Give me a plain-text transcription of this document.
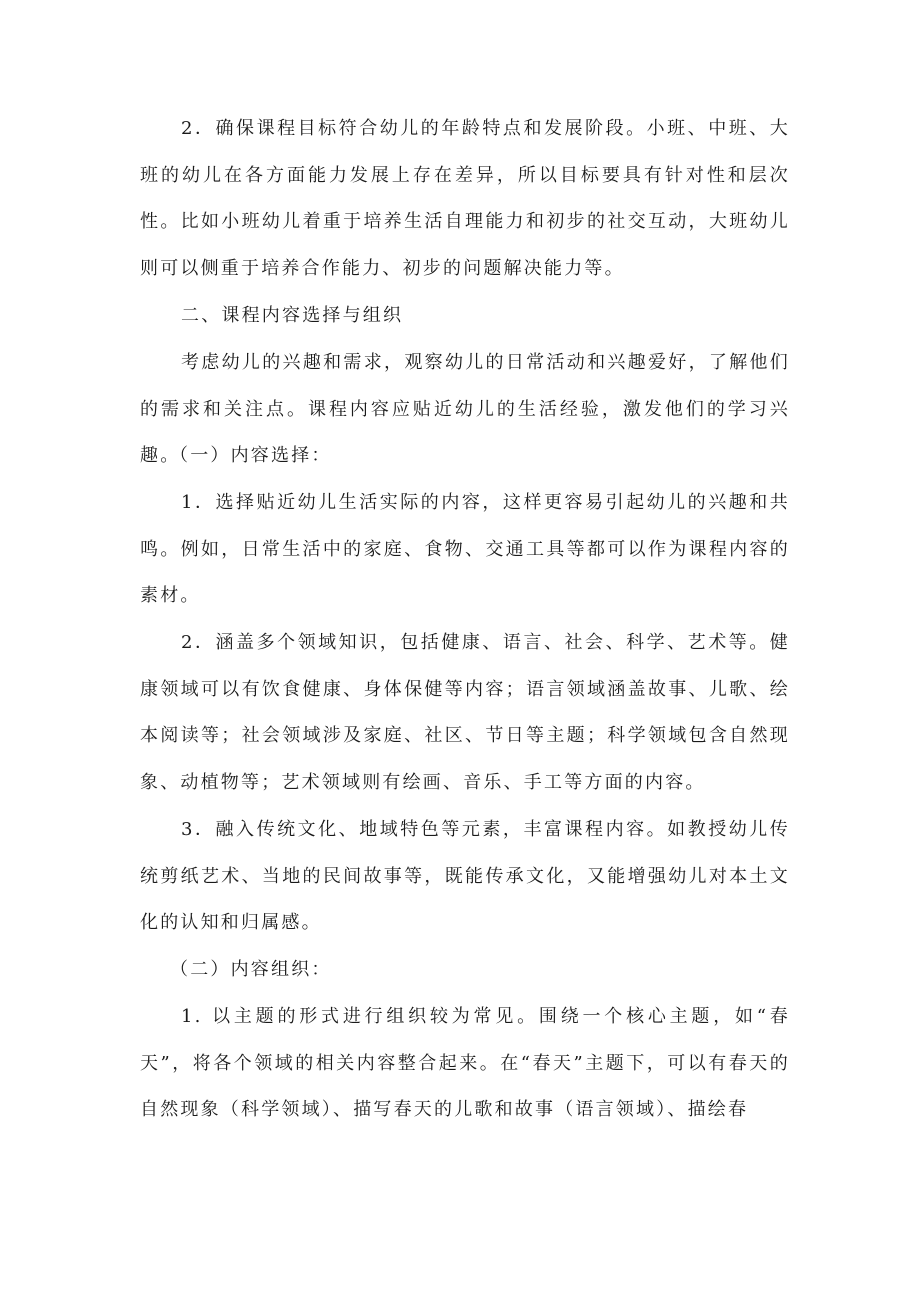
2．确保课程目标符合幼儿的年龄特点和发展阶段。小班、中班、大班的幼儿在各方面能力发展上存在差异，所以目标要具有针对性和层次性。比如小班幼儿着重于培养生活自理能力和初步的社交互动，大班幼儿则可以侧重于培养合作能力、初步的问题解决能力等。

二、课程内容选择与组织

考虑幼儿的兴趣和需求，观察幼儿的日常活动和兴趣爱好，了解他们的需求和关注点。课程内容应贴近幼儿的生活经验，激发他们的学习兴趣。

（一）内容选择：

1．选择贴近幼儿生活实际的内容，这样更容易引起幼儿的兴趣和共鸣。例如，日常生活中的家庭、食物、交通工具等都可以作为课程内容的素材。

2．涵盖多个领域知识，包括健康、语言、社会、科学、艺术等。健康领域可以有饮食健康、身体保健等内容；语言领域涵盖故事、儿歌、绘本阅读等；社会领域涉及家庭、社区、节日等主题；科学领域包含自然现象、动植物等；艺术领域则有绘画、音乐、手工等方面的内容。

3．融入传统文化、地域特色等元素，丰富课程内容。如教授幼儿传统剪纸艺术、当地的民间故事等，既能传承文化，又能增强幼儿对本土文化的认知和归属感。

（二）内容组织：

1. 以主题的形式进行组织较为常见。围绕一个核心主题，如“春天”，将各个领域的相关内容整合起来。在“春天”主题下，可以有春天的自然现象（科学领域）、描写春天的儿歌和故事（语言领域）、描绘春
